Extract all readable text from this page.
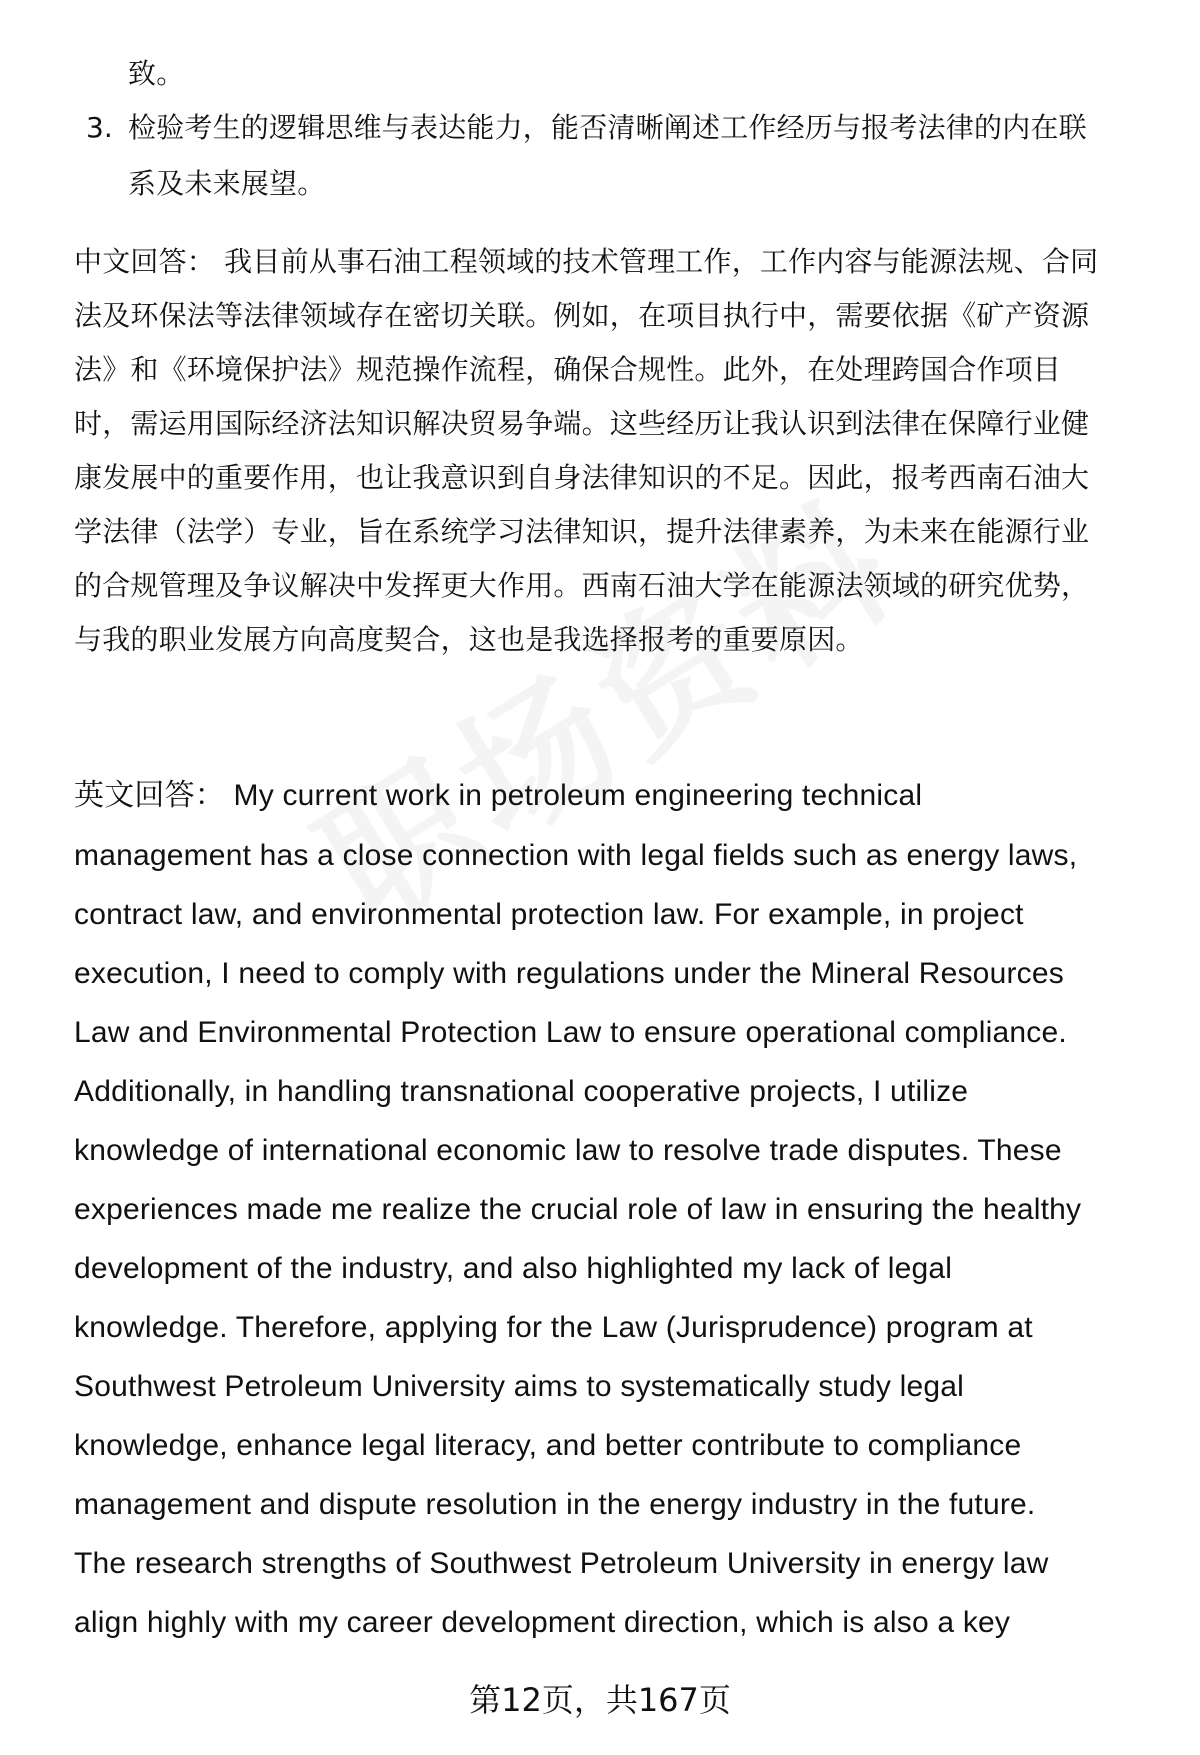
致。
3. 检验考生的逻辑思维与表达能力，能否清晰阐述工作经历与报考法律的内在联
系及未来展望。
中文回答： 我目前从事石油工程领域的技术管理工作，工作内容与能源法规、合同
法及环保法等法律领域存在密切关联。例如，在项目执行中，需要依据《矿产资源
法》和《环境保护法》规范操作流程，确保合规性。此外，在处理跨国合作项目
时，需运用国际经济法知识解决贸易争端。这些经历让我认识到法律在保障行业健
康发展中的重要作用，也让我意识到自身法律知识的不足。因此，报考西南石油大
学法律（法学）专业，旨在系统学习法律知识，提升法律素养，为未来在能源行业
的合规管理及争议解决中发挥更大作用。西南石油大学在能源法领域的研究优势，
与我的职业发展方向高度契合，这也是我选择报考的重要原因。
英文回答： My current work in petroleum engineering technical
management has a close connection with legal fields such as energy laws,
contract law, and environmental protection law. For example, in project
execution, I need to comply with regulations under the Mineral Resources
Law and Environmental Protection Law to ensure operational compliance.
Additionally, in handling transnational cooperative projects, I utilize
knowledge of international economic law to resolve trade disputes. These
experiences made me realize the crucial role of law in ensuring the healthy
development of the industry, and also highlighted my lack of legal
knowledge. Therefore, applying for the Law (Jurisprudence) program at
Southwest Petroleum University aims to systematically study legal
knowledge, enhance legal literacy, and better contribute to compliance
management and dispute resolution in the energy industry in the future.
The research strengths of Southwest Petroleum University in energy law
align highly with my career development direction, which is also a key
第12页，共167页
